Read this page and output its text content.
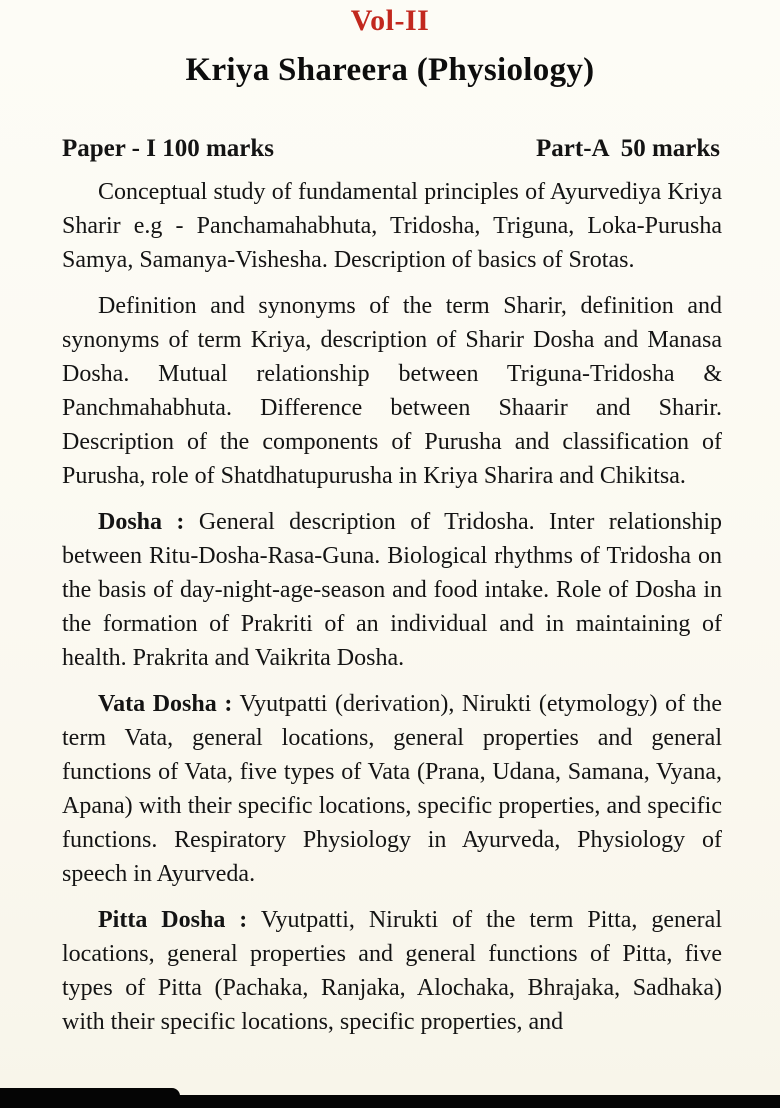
Vol-II
Kriya Shareera (Physiology)
Paper - I 100 marks	Part-A  50 marks

Conceptual study of fundamental principles of Ayurvediya Kriya Sharir e.g - Panchamahabhuta, Tridosha, Triguna, Loka-Purusha Samya, Samanya-Vishesha. Description of basics of Srotas.

Definition and synonyms of the term Sharir, definition and synonyms of term Kriya, description of Sharir Dosha and Manasa Dosha. Mutual relationship between Triguna-Tridosha & Panchmahabhuta. Difference between Shaarir and Sharir. Description of the components of Purusha and classification of Purusha, role of Shatdhatupurusha in Kriya Sharira and Chikitsa.

Dosha : General description of Tridosha. Inter relationship between Ritu-Dosha-Rasa-Guna. Biological rhythms of Tridosha on the basis of day-night-age-season and food intake. Role of Dosha in the formation of Prakriti of an individual and in maintaining of health. Prakrita and Vaikrita Dosha.

Vata Dosha : Vyutpatti (derivation), Nirukti (etymology) of the term Vata, general locations, general properties and general functions of Vata, five types of Vata (Prana, Udana, Samana, Vyana, Apana) with their specific locations, specific properties, and specific functions. Respiratory Physiology in Ayurveda, Physiology of speech in Ayurveda.

Pitta Dosha : Vyutpatti, Nirukti of the term Pitta, general locations, general properties and general functions of Pitta, five types of Pitta (Pachaka, Ranjaka, Alochaka, Bhrajaka, Sadhaka) with their specific locations, specific properties, and
